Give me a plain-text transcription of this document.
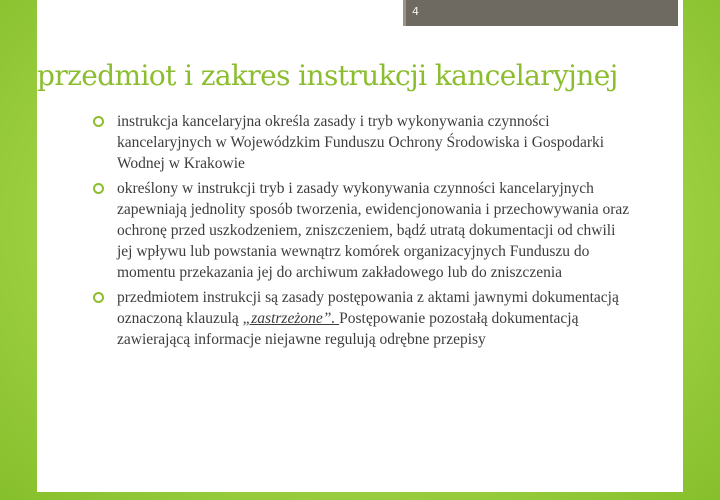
4
przedmiot i zakres instrukcji kancelaryjnej
instrukcja kancelaryjna określa zasady i tryb wykonywania czynności kancelaryjnych w Wojewódzkim Funduszu Ochrony Środowiska i Gospodarki Wodnej w Krakowie
określony w instrukcji tryb i zasady wykonywania czynności kancelaryjnych zapewniają jednolity sposób tworzenia, ewidencjonowania i przechowywania oraz ochronę przed uszkodzeniem, zniszczeniem, bądź utratą dokumentacji od chwili jej wpływu lub powstania wewnątrz komórek organizacyjnych Funduszu do momentu przekazania jej do archiwum zakładowego lub do zniszczenia
przedmiotem instrukcji są zasady postępowania z aktami jawnymi dokumentacją oznaczoną klauzulą „zastrzeżone”. Postępowanie pozostałą dokumentacją zawierającą informacje niejawne regulują odrębne przepisy
